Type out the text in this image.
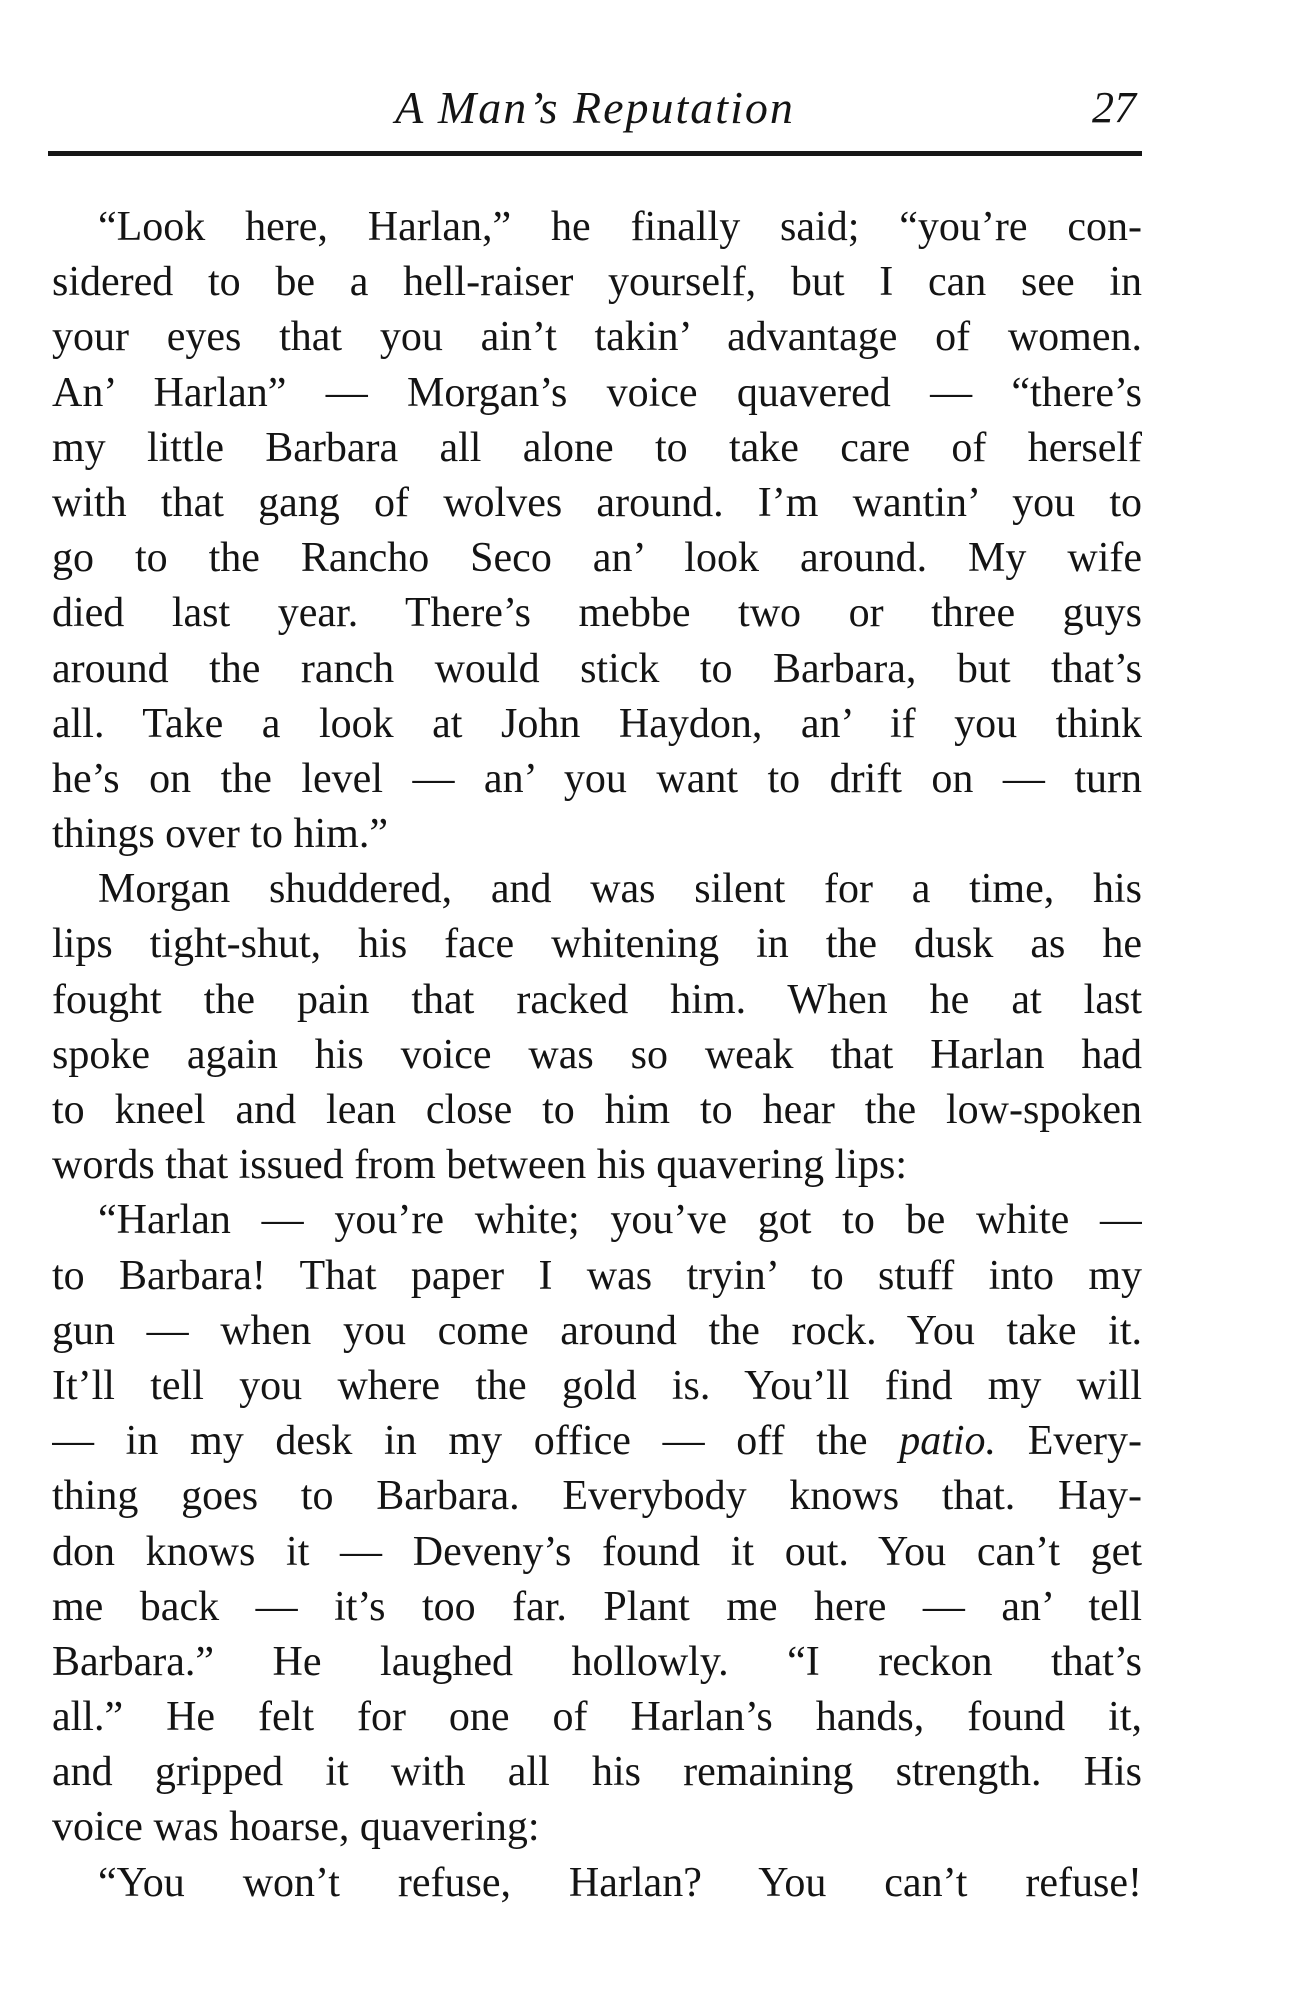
A Man’s Reputation	27
“Look here, Harlan,” he finally said; “you’re con-
sidered to be a hell-raiser yourself, but I can see in
your eyes that you ain’t takin’ advantage of women.
An’ Harlan” — Morgan’s voice quavered — “there’s
my little Barbara all alone to take care of herself
with that gang of wolves around. I’m wantin’ you to
go to the Rancho Seco an’ look around. My wife
died last year. There’s mebbe two or three guys
around the ranch would stick to Barbara, but that’s
all. Take a look at John Haydon, an’ if you think
he’s on the level — an’ you want to drift on — turn
things over to him.”
Morgan shuddered, and was silent for a time, his
lips tight-shut, his face whitening in the dusk as he
fought the pain that racked him. When he at last
spoke again his voice was so weak that Harlan had
to kneel and lean close to him to hear the low-spoken
words that issued from between his quavering lips:
“Harlan — you’re white; you’ve got to be white —
to Barbara! That paper I was tryin’ to stuff into my
gun — when you come around the rock. You take it.
It’ll tell you where the gold is. You’ll find my will
— in my desk in my office — off the patio. Every-
thing goes to Barbara. Everybody knows that. Hay-
don knows it — Deveny’s found it out. You can’t get
me back — it’s too far. Plant me here — an’ tell
Barbara.” He laughed hollowly. “I reckon that’s
all.” He felt for one of Harlan’s hands, found it,
and gripped it with all his remaining strength. His
voice was hoarse, quavering:
“You won’t refuse, Harlan? You can’t refuse!
